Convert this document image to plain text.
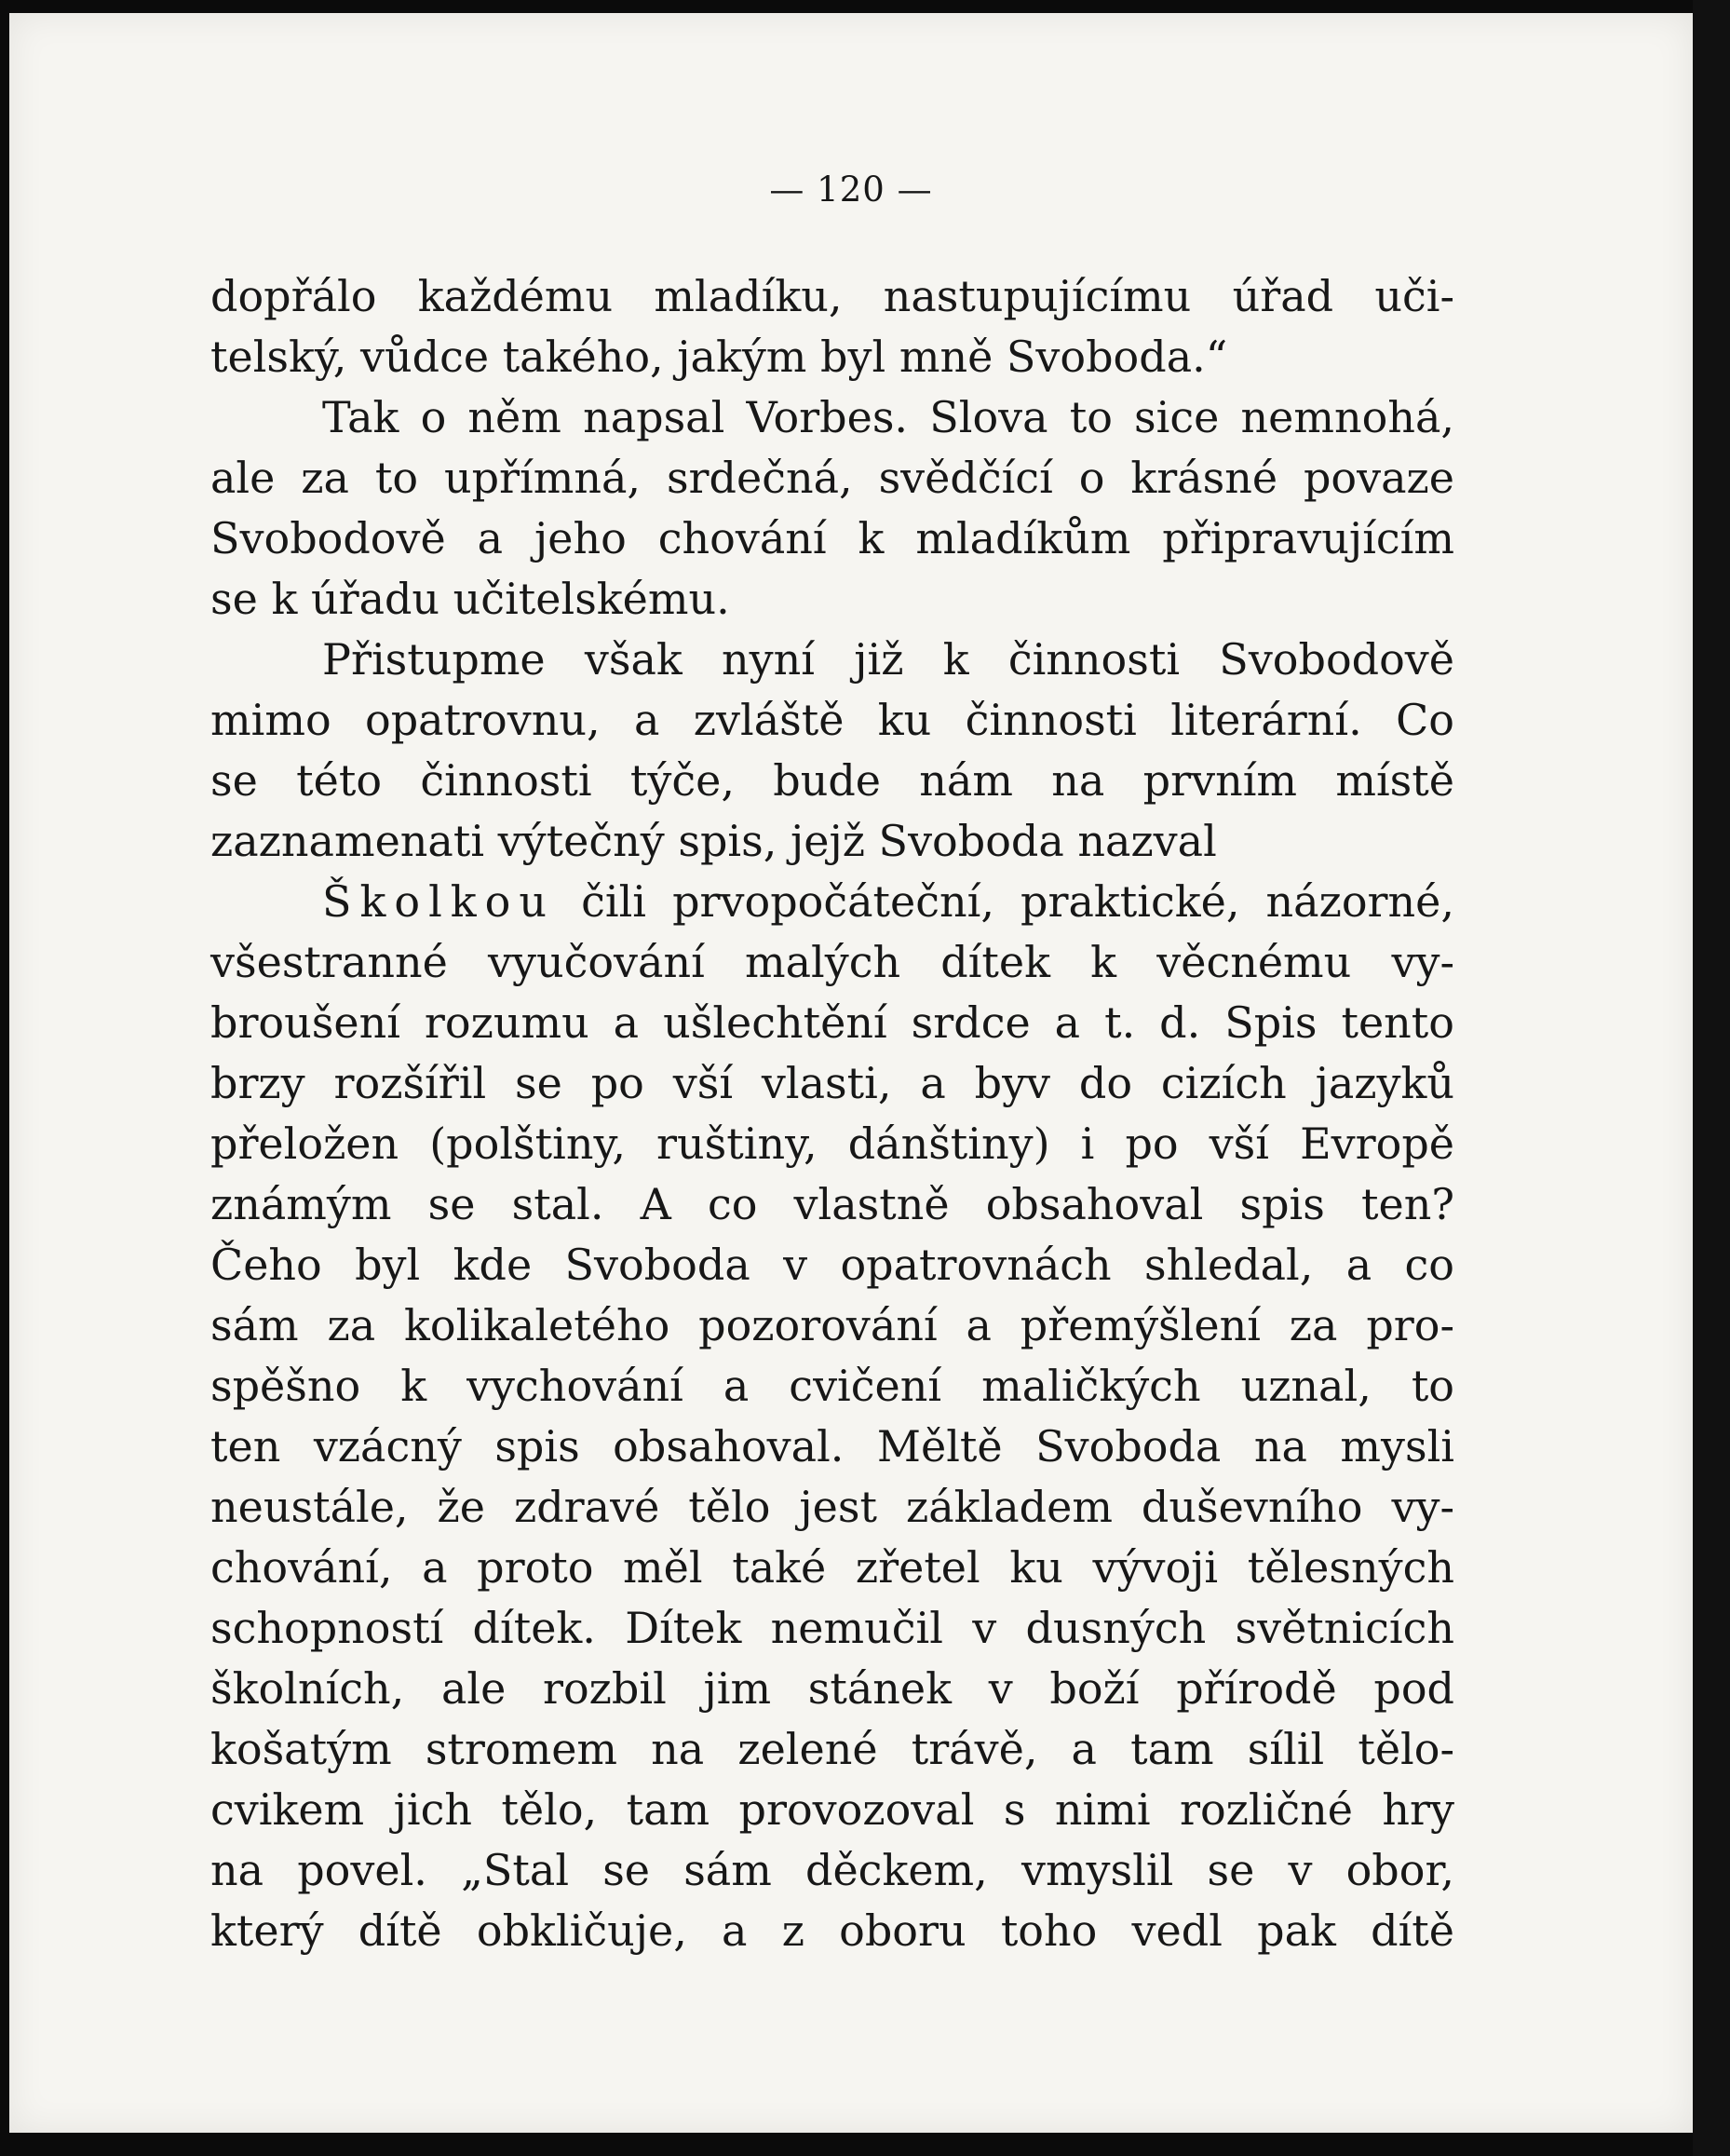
— 120 —
dopřálo každému mladíku, nastupujícímu úřad uči-
telský, vůdce takého, jakým byl mně Svoboda.“
Tak o něm napsal Vorbes. Slova to sice nemnohá,
ale za to upřímná, srdečná, svědčící o krásné povaze
Svobodově a jeho chování k mladíkům připravujícím
se k úřadu učitelskému.
Přistupme však nyní již k činnosti Svobodově
mimo opatrovnu, a zvláště ku činnosti literární. Co
se této činnosti týče, bude nám na prvním místě
zaznamenati výtečný spis, jejž Svoboda nazval
Školkou čili prvopočáteční, praktické, názorné,
všestranné vyučování malých dítek k věcnému vy-
broušení rozumu a ušlechtění srdce a t. d. Spis tento
brzy rozšířil se po vší vlasti, a byv do cizích jazyků
přeložen (polštiny, ruštiny, dánštiny) i po vší Evropě
známým se stal. A co vlastně obsahoval spis ten?
Čeho byl kde Svoboda v opatrovnách shledal, a co
sám za kolikaletého pozorování a přemýšlení za pro-
spěšno k vychování a cvičení maličkých uznal, to
ten vzácný spis obsahoval. Měltě Svoboda na mysli
neustále, že zdravé tělo jest základem duševního vy-
chování, a proto měl také zřetel ku vývoji tělesných
schopností dítek. Dítek nemučil v dusných světnicích
školních, ale rozbil jim stánek v boží přírodě pod
košatým stromem na zelené trávě, a tam sílil tělo-
cvikem jich tělo, tam provozoval s nimi rozličné hry
na povel. „Stal se sám děckem, vmyslil se v obor,
který dítě obkličuje, a z oboru toho vedl pak dítě
